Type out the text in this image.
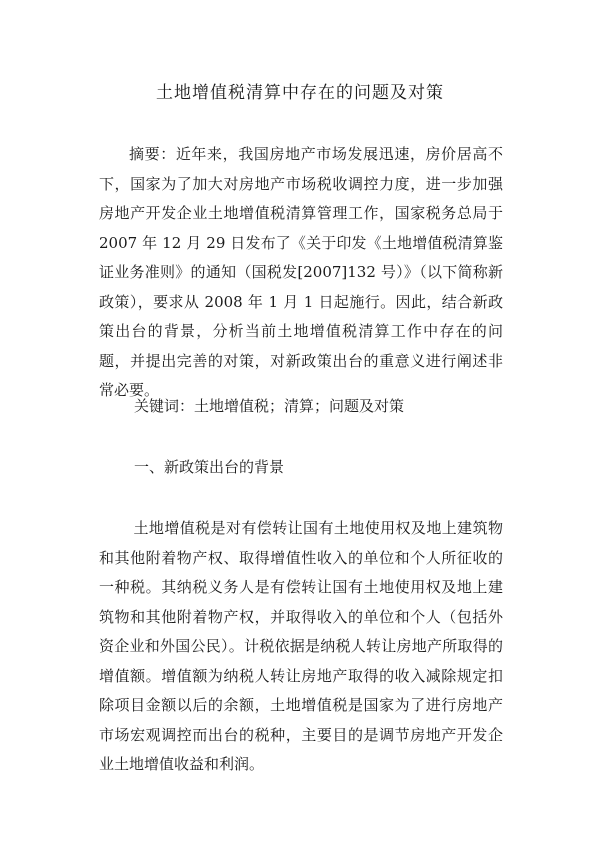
土地增值税清算中存在的问题及对策

摘要：近年来，我国房地产市场发展迅速，房价居高不下，国家为了加大对房地产市场税收调控力度，进一步加强房地产开发企业土地增值税清算管理工作，国家税务总局于 2007 年 12 月 29 日发布了《关于印发《土地增值税清算鉴证业务准则》的通知（国税发[2007]132 号）》（以下简称新政策），要求从 2008 年 1 月 1 日起施行。因此，结合新政策出台的背景，分析当前土地增值税清算工作中存在的问题，并提出完善的对策，对新政策出台的重意义进行阐述非常必要。

关键词：土地增值税；清算；问题及对策

一、新政策出台的背景

土地增值税是对有偿转让国有土地使用权及地上建筑物和其他附着物产权、取得增值性收入的单位和个人所征收的一种税。其纳税义务人是有偿转让国有土地使用权及地上建筑物和其他附着物产权，并取得收入的单位和个人（包括外资企业和外国公民）。计税依据是纳税人转让房地产所取得的增值额。增值额为纳税人转让房地产取得的收入减除规定扣除项目金额以后的余额，土地增值税是国家为了进行房地产市场宏观调控而出台的税种，主要目的是调节房地产开发企业土地增值收益和利润。
